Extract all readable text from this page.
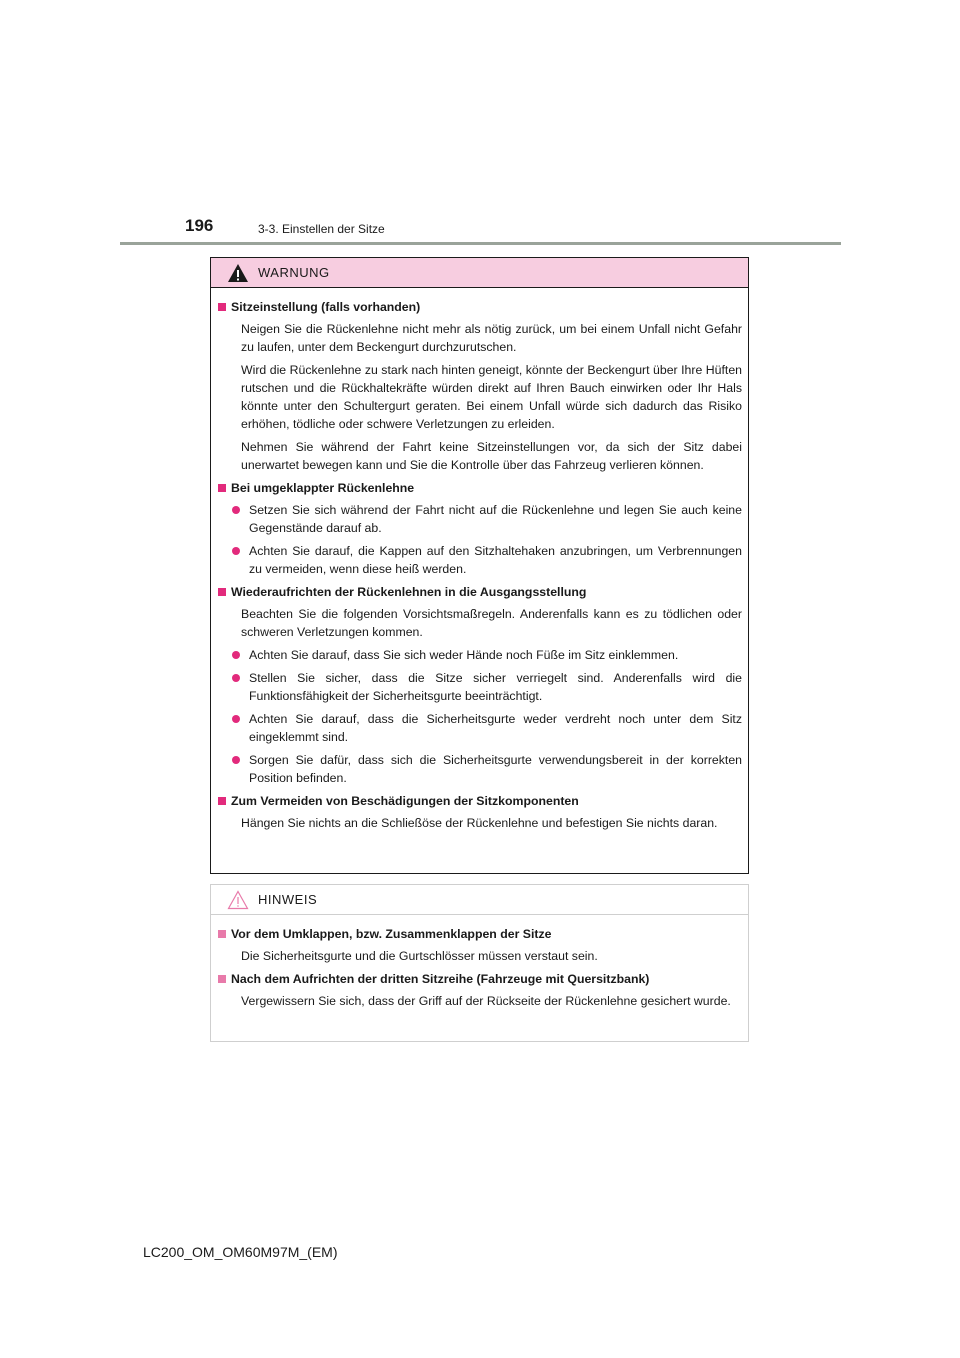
196	3-3. Einstellen der Sitze
WARNUNG
Sitzeinstellung (falls vorhanden)

Neigen Sie die Rückenlehne nicht mehr als nötig zurück, um bei einem Unfall nicht Gefahr zu laufen, unter dem Beckengurt durchzurutschen.

Wird die Rückenlehne zu stark nach hinten geneigt, könnte der Beckengurt über Ihre Hüften rutschen und die Rückhaltekräfte würden direkt auf Ihren Bauch einwirken oder Ihr Hals könnte unter den Schultergurt geraten. Bei einem Unfall würde sich dadurch das Risiko erhöhen, tödliche oder schwere Verletzungen zu erleiden.

Nehmen Sie während der Fahrt keine Sitzeinstellungen vor, da sich der Sitz dabei unerwartet bewegen kann und Sie die Kontrolle über das Fahrzeug verlieren können.

Bei umgeklappter Rückenlehne
Setzen Sie sich während der Fahrt nicht auf die Rückenlehne und legen Sie auch keine Gegenstände darauf ab.
Achten Sie darauf, die Kappen auf den Sitzhaltehaken anzubringen, um Verbrennungen zu vermeiden, wenn diese heiß werden.
Wiederaufrichten der Rückenlehnen in die Ausgangsstellung

Beachten Sie die folgenden Vorsichtsmaßregeln. Anderenfalls kann es zu tödlichen oder schweren Verletzungen kommen.

Achten Sie darauf, dass Sie sich weder Hände noch Füße im Sitz einklemmen.
Stellen Sie sicher, dass die Sitze sicher verriegelt sind. Anderenfalls wird die Funktionsfähigkeit der Sicherheitsgurte beeinträchtigt.
Achten Sie darauf, dass die Sicherheitsgurte weder verdreht noch unter dem Sitz eingeklemmt sind.
Sorgen Sie dafür, dass sich die Sicherheitsgurte verwendungsbereit in der korrekten Position befinden.
Zum Vermeiden von Beschädigungen der Sitzkomponenten

Hängen Sie nichts an die Schließöse der Rückenlehne und befestigen Sie nichts daran.

HINWEIS
Vor dem Umklappen, bzw. Zusammenklappen der Sitze

Die Sicherheitsgurte und die Gurtschlösser müssen verstaut sein.

Nach dem Aufrichten der dritten Sitzreihe (Fahrzeuge mit Quersitzbank)

Vergewissern Sie sich, dass der Griff auf der Rückseite der Rückenlehne gesichert wurde.

LC200_OM_OM60M97M_(EM)
